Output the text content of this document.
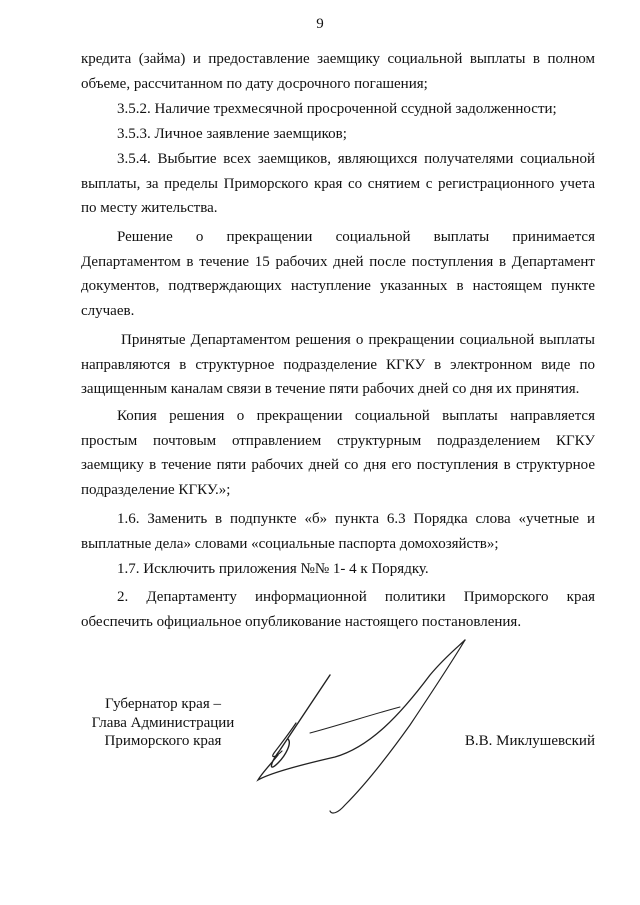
9
кредита (займа) и предоставление заемщику социальной выплаты в полном объеме, рассчитанном по дату досрочного погашения;
3.5.2. Наличие трехмесячной просроченной ссудной задолженности;
3.5.3. Личное заявление заемщиков;
3.5.4. Выбытие всех заемщиков, являющихся получателями социальной выплаты, за пределы Приморского края со снятием с регистрационного учета по месту жительства.
Решение о прекращении социальной выплаты принимается Департаментом в течение 15 рабочих дней после поступления в Департамент документов, подтверждающих наступление указанных в настоящем пункте случаев.
Принятые Департаментом решения о прекращении социальной выплаты направляются в структурное подразделение КГКУ в электронном виде по защищенным каналам связи в течение пяти рабочих дней со дня их принятия.
Копия решения о прекращении социальной выплаты направляется простым почтовым отправлением структурным подразделением КГКУ заемщику в течение пяти рабочих дней со дня его поступления в структурное подразделение КГКУ.»;
1.6. Заменить в подпункте «б» пункта 6.3 Порядка слова «учетные и выплатные дела» словами «социальные паспорта домохозяйств»;
1.7. Исключить приложения №№ 1- 4 к Порядку.
2. Департаменту информационной политики Приморского края обеспечить официальное опубликование настоящего постановления.
Губернатор края –
Глава Администрации
Приморского края	В.В. Миклушевский
